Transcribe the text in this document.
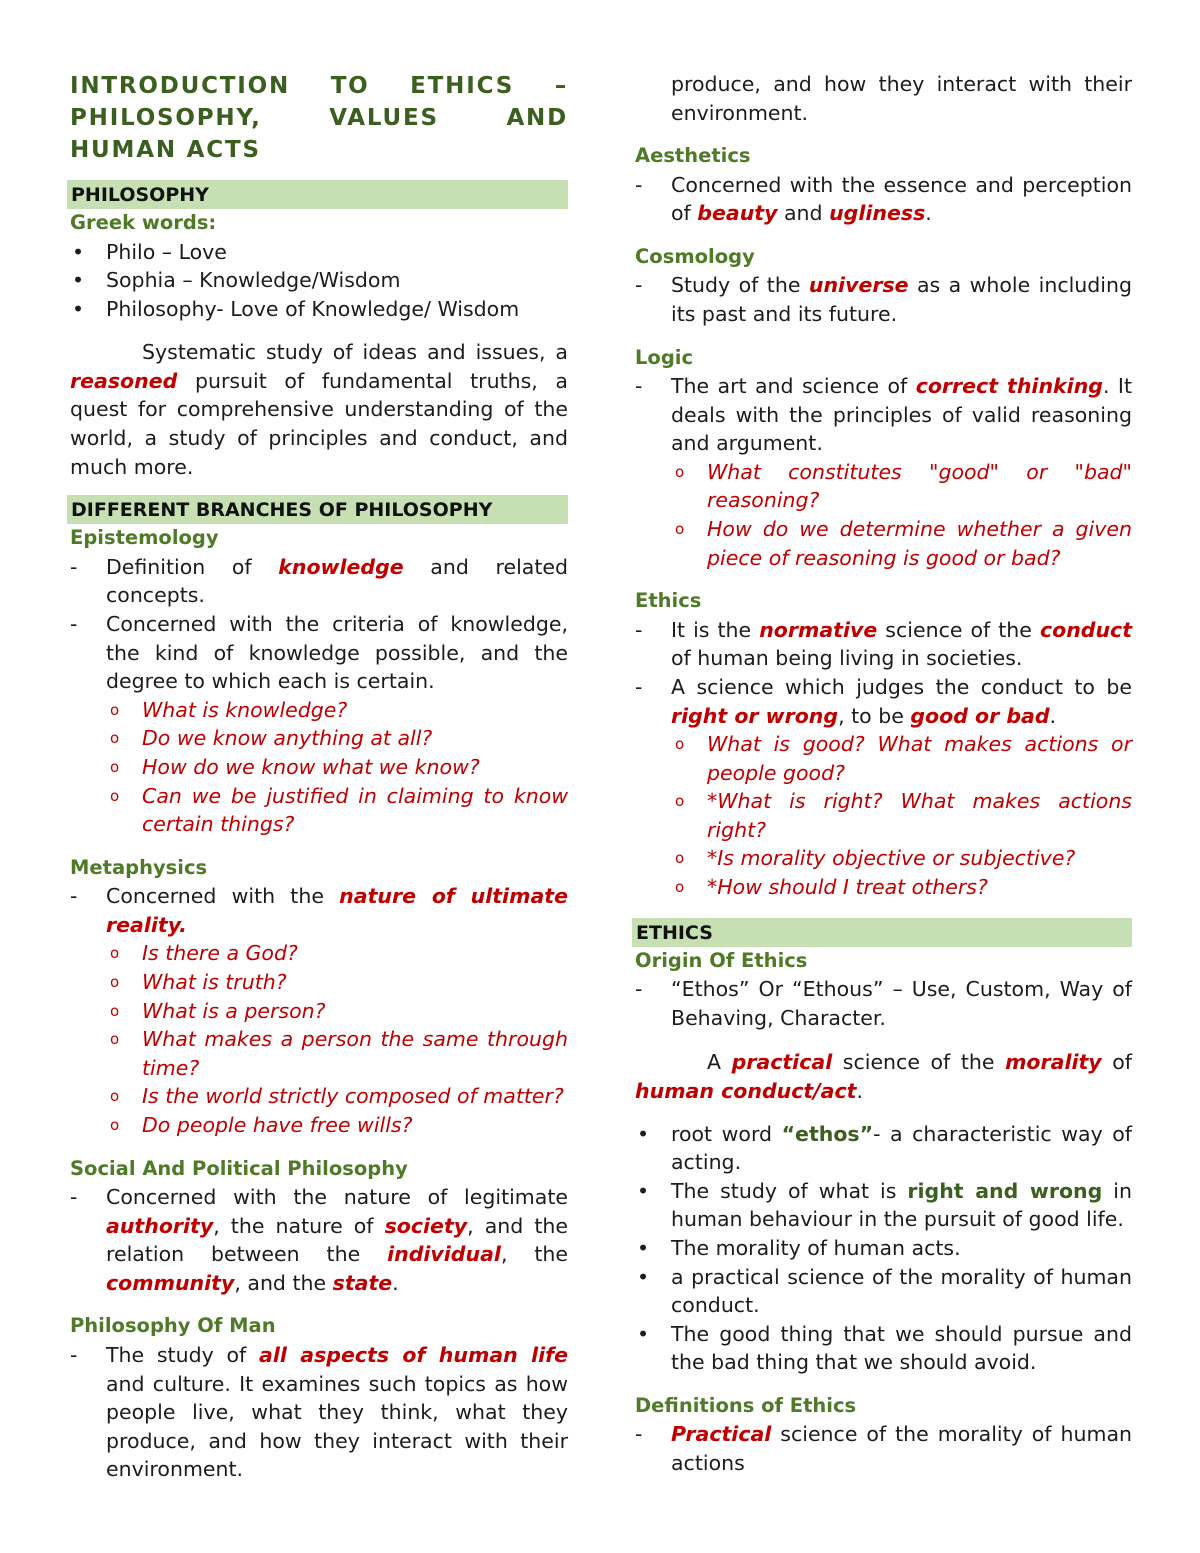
INTRODUCTION TO ETHICS – PHILOSOPHY, VALUES AND HUMAN ACTS
PHILOSOPHY
Greek words:
• Philo – Love
• Sophia – Knowledge/Wisdom
• Philosophy- Love of Knowledge/ Wisdom
Systematic study of ideas and issues, a reasoned pursuit of fundamental truths, a quest for comprehensive understanding of the world, a study of principles and conduct, and much more.
DIFFERENT BRANCHES OF PHILOSOPHY
Epistemology
- Definition of knowledge and related concepts.
- Concerned with the criteria of knowledge, the kind of knowledge possible, and the degree to which each is certain.
o What is knowledge?
o Do we know anything at all?
o How do we know what we know?
o Can we be justified in claiming to know certain things?
Metaphysics
- Concerned with the nature of ultimate reality.
o Is there a God?
o What is truth?
o What is a person?
o What makes a person the same through time?
o Is the world strictly composed of matter?
o Do people have free wills?
Social And Political Philosophy
- Concerned with the nature of legitimate authority, the nature of society, and the relation between the individual, the community, and the state.
Philosophy Of Man
- The study of all aspects of human life and culture. It examines such topics as how people live, what they think, what they produce, and how they interact with their environment.
- produce, and how they interact with their environment.
Aesthetics
- Concerned with the essence and perception of beauty and ugliness.
Cosmology
- Study of the universe as a whole including its past and its future.
Logic
- The art and science of correct thinking. It deals with the principles of valid reasoning and argument.
o What constitutes "good" or "bad" reasoning?
o How do we determine whether a given piece of reasoning is good or bad?
Ethics
- It is the normative science of the conduct of human being living in societies.
- A science which judges the conduct to be right or wrong, to be good or bad.
o What is good? What makes actions or people good?
o *What is right? What makes actions right?
o *Is morality objective or subjective?
o *How should I treat others?
ETHICS
Origin Of Ethics
- “Ethos” Or “Ethous” – Use, Custom, Way of Behaving, Character.
A practical science of the morality of human conduct/act.
• root word “ethos”- a characteristic way of acting.
• The study of what is right and wrong in human behaviour in the pursuit of good life.
• The morality of human acts.
• a practical science of the morality of human conduct.
• The good thing that we should pursue and the bad thing that we should avoid.
Definitions of Ethics
- Practical science of the morality of human actions
